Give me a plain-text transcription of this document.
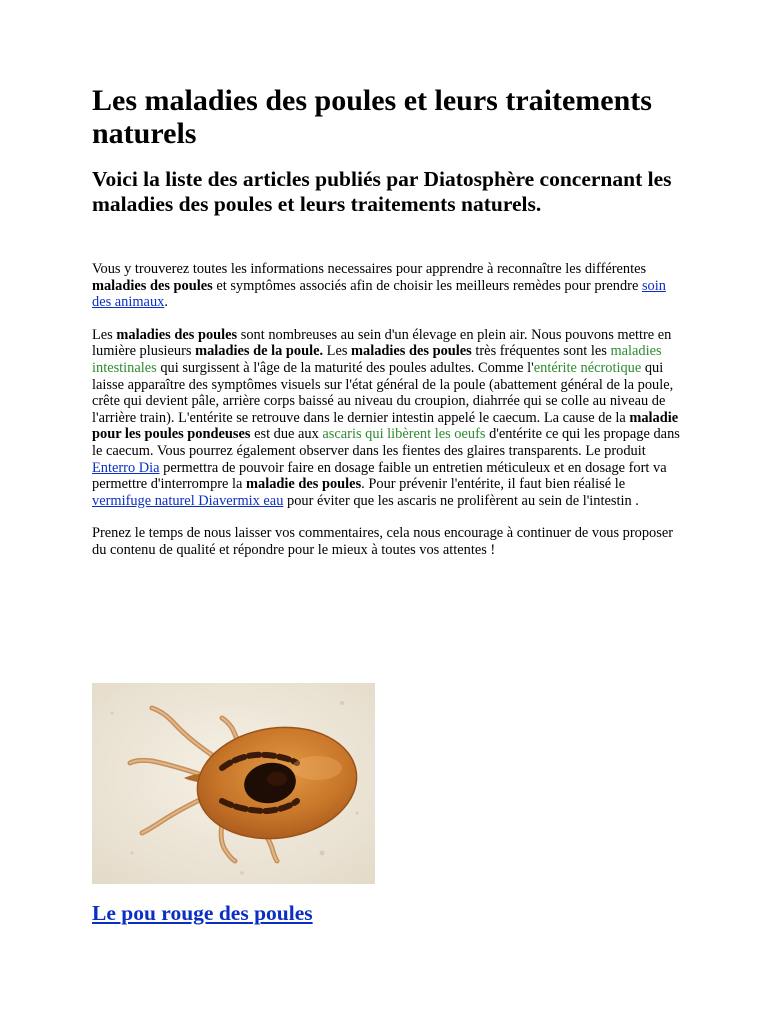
Les maladies des poules et leurs traitements naturels
Voici la liste des articles publiés par Diatosphère concernant les maladies des poules et leurs traitements naturels.

Vous y trouverez toutes les informations necessaires pour apprendre à reconnaître les différentes maladies des poules et symptômes associés afin de choisir les meilleurs remèdes pour prendre soin des animaux.

Les maladies des poules sont nombreuses au sein d'un élevage en plein air. Nous pouvons mettre en lumière plusieurs maladies de la poule. Les maladies des poules très fréquentes sont les maladies intestinales qui surgissent à l'âge de la maturité des poules adultes. Comme l'entérite nécrotique qui laisse apparaître des symptômes visuels sur l'état général de la poule (abattement général de la poule, crête qui devient pâle, arrière corps baissé au niveau du croupion, diahrrée qui se colle au niveau de l'arrière train). L'entérite se retrouve dans le dernier intestin appelé le caecum. La cause de la maladie pour les poules pondeuses est due aux ascaris qui libèrent les oeufs d'entérite ce qui les propage dans le caecum. Vous pourrez également observer dans les fientes des glaires transparents. Le produit Enterro Dia permettra de pouvoir faire en dosage faible un entretien méticuleux et en dosage fort va permettre d'interrompre la maladie des poules. Pour prévenir l'entérite, il faut bien réalisé le vermifuge naturel Diavermix eau pour éviter que les ascaris ne prolifèrent au sein de l'intestin .

Prenez le temps de nous laisser vos commentaires, cela nous encourage à continuer de vous proposer du contenu de qualité et répondre pour le mieux à toutes vos attentes !

Le pou rouge des poules
